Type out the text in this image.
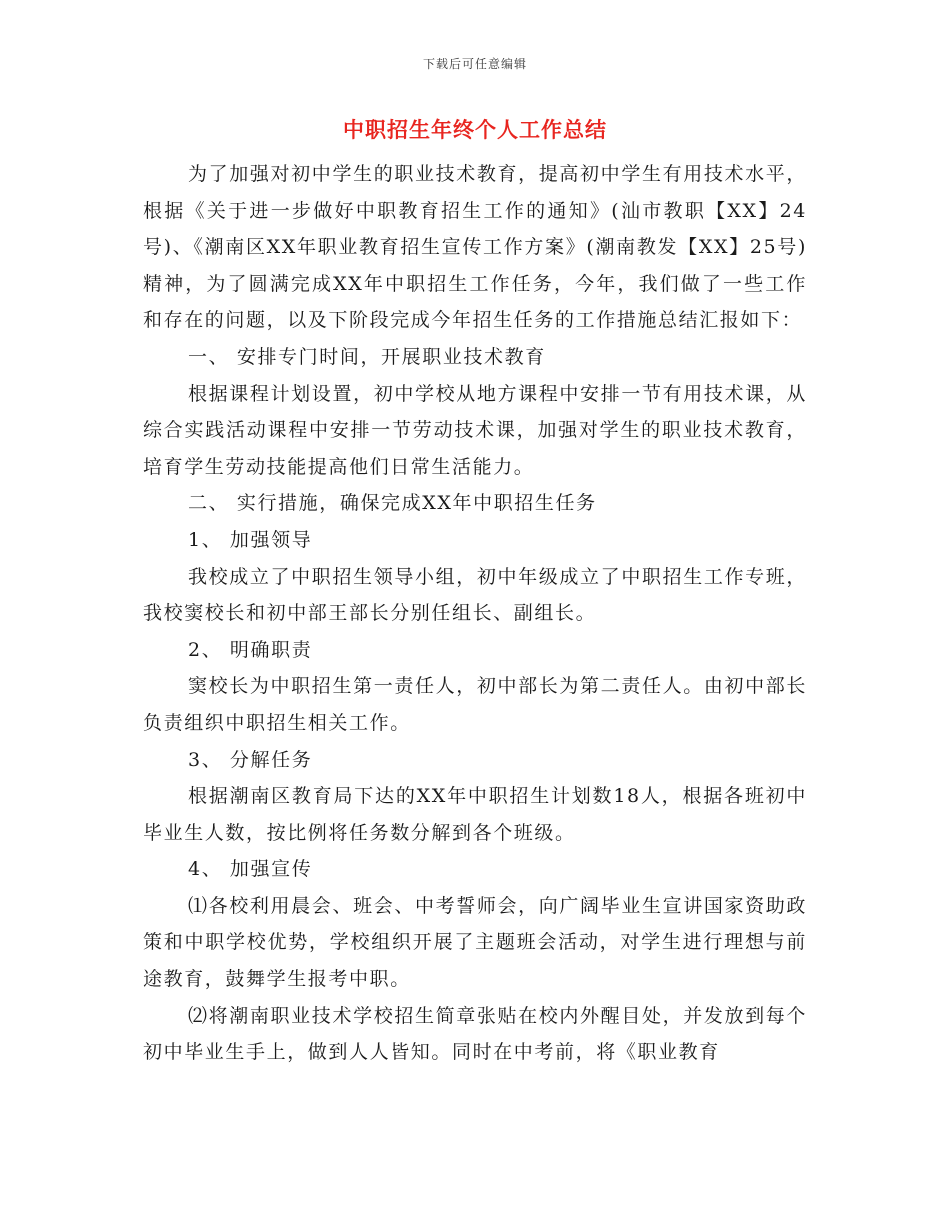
下载后可任意编辑
中职招生年终个人工作总结

为了加强对初中学生的职业技术教育，提高初中学生有用技术水平，根据《关于进一步做好中职教育招生工作的通知》(汕市教职【XX】24号)、《潮南区XX年职业教育招生宣传工作方案》(潮南教发【XX】25号)精神，为了圆满完成XX年中职招生工作任务，今年，我们做了一些工作和存在的问题，以及下阶段完成今年招生任务的工作措施总结汇报如下：

一、 安排专门时间，开展职业技术教育

根据课程计划设置，初中学校从地方课程中安排一节有用技术课，从综合实践活动课程中安排一节劳动技术课，加强对学生的职业技术教育，培育学生劳动技能提高他们日常生活能力。

二、 实行措施，确保完成XX年中职招生任务

1、 加强领导

我校成立了中职招生领导小组，初中年级成立了中职招生工作专班，我校窦校长和初中部王部长分别任组长、副组长。

2、 明确职责

窦校长为中职招生第一责任人，初中部长为第二责任人。由初中部长负责组织中职招生相关工作。

3、 分解任务

根据潮南区教育局下达的XX年中职招生计划数18人，根据各班初中毕业生人数，按比例将任务数分解到各个班级。

4、 加强宣传

⑴各校利用晨会、班会、中考誓师会，向广阔毕业生宣讲国家资助政策和中职学校优势，学校组织开展了主题班会活动，对学生进行理想与前途教育，鼓舞学生报考中职。

⑵将潮南职业技术学校招生简章张贴在校内外醒目处，并发放到每个初中毕业生手上，做到人人皆知。同时在中考前，将《职业教育
